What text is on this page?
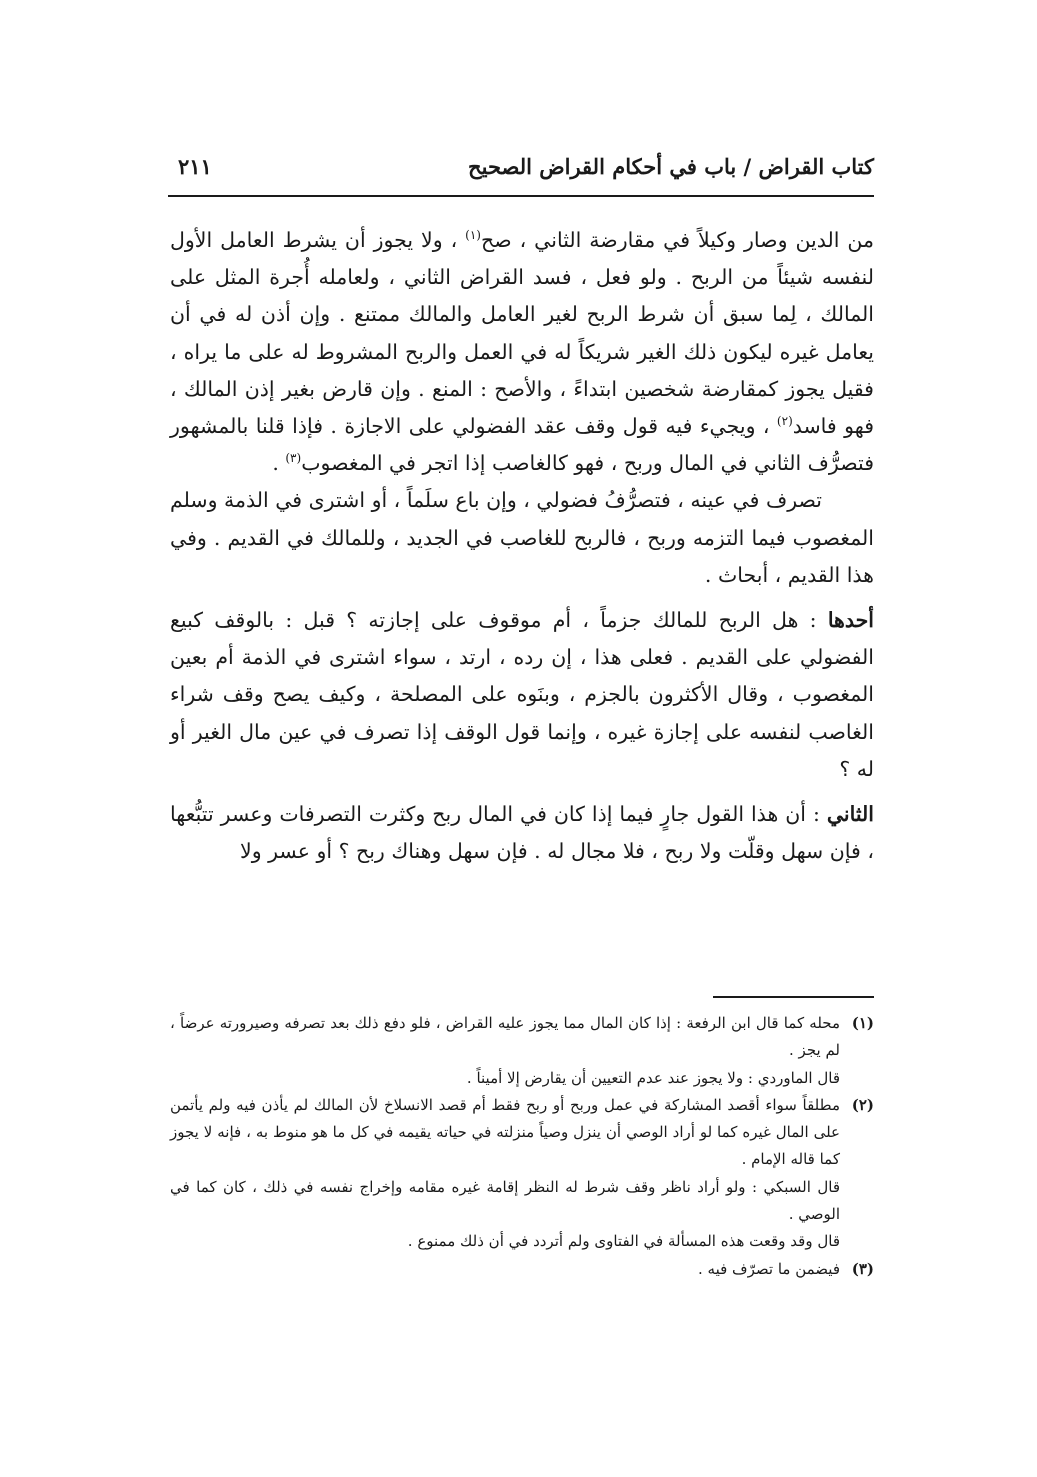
كتاب القراض / باب في أحكام القراض الصحيح
٢١١

من الدين وصار وكيلاً في مقارضة الثاني ، صح$^{(١)}$ ، ولا يجوز أن يشرط العامل الأول لنفسه شيئاً من الربح . ولو فعل ، فسد القراض الثاني ، ولعامله أُجرة المثل على المالك ، لِما سبق أن شرط الربح لغير العامل والمالك ممتنع . وإن أذن له في أن يعامل غيره ليكون ذلك الغير شريكاً له في العمل والربح المشروط له على ما يراه ، فقيل يجوز كمقارضة شخصين ابتداءً ، والأصح : المنع . وإن قارض بغير إذن المالك ، فهو فاسد$^{(٢)}$ ، ويجيء فيه قول وقف عقد الفضولي على الاجازة . فإذا قلنا بالمشهور فتصرُّف الثاني في المال وربح ، فهو كالغاصب إذا اتجر في المغصوب$^{(٣)}$ .

تصرف في عينه ، فتصرُّفُ فضولي ، وإن باع سلَماً ، أو اشترى في الذمة وسلم المغصوب فيما التزمه وربح ، فالربح للغاصب في الجديد ، وللمالك في القديم . وفي هذا القديم ، أبحاث .

أحدها : هل الربح للمالك جزماً ، أم موقوف على إجازته ؟ قبل : بالوقف كبيع الفضولي على القديم . فعلى هذا ، إن رده ، ارتد ، سواء اشترى في الذمة أم بعين المغصوب ، وقال الأكثرون بالجزم ، وبنَوه على المصلحة ، وكيف يصح وقف شراء الغاصب لنفسه على إجازة غيره ، وإنما قول الوقف إذا تصرف في عين مال الغير أو له ؟

الثاني : أن هذا القول جارٍ فيما إذا كان في المال ربح وكثرت التصرفات وعسر تتبُّعها ، فإن سهل وقلّت ولا ربح ، فلا مجال له . فإن سهل وهناك ربح ؟ أو عسر ولا

(١)
محله كما قال ابن الرفعة : إذا كان المال مما يجوز عليه القراض ، فلو دفع ذلك بعد تصرفه وصيرورته عرضاً ، لم يجز .
قال الماوردي : ولا يجوز عند عدم التعيين أن يقارض إلا أميناً .
(٢)
مطلقاً سواء أقصد المشاركة في عمل وربح أو ربح فقط أم قصد الانسلاخ لأن المالك لم يأذن فيه ولم يأتمن على المال غيره كما لو أراد الوصي أن ينزل وصياً منزلته في حياته يقيمه في كل ما هو منوط به ، فإنه لا يجوز كما قاله الإمام .
قال السبكي : ولو أراد ناظر وقف شرط له النظر إقامة غيره مقامه وإخراج نفسه في ذلك ، كان كما في الوصي .
قال وقد وقعت هذه المسألة في الفتاوى ولم أتردد في أن ذلك ممنوع .
(٣)
فيضمن ما تصرّف فيه .
